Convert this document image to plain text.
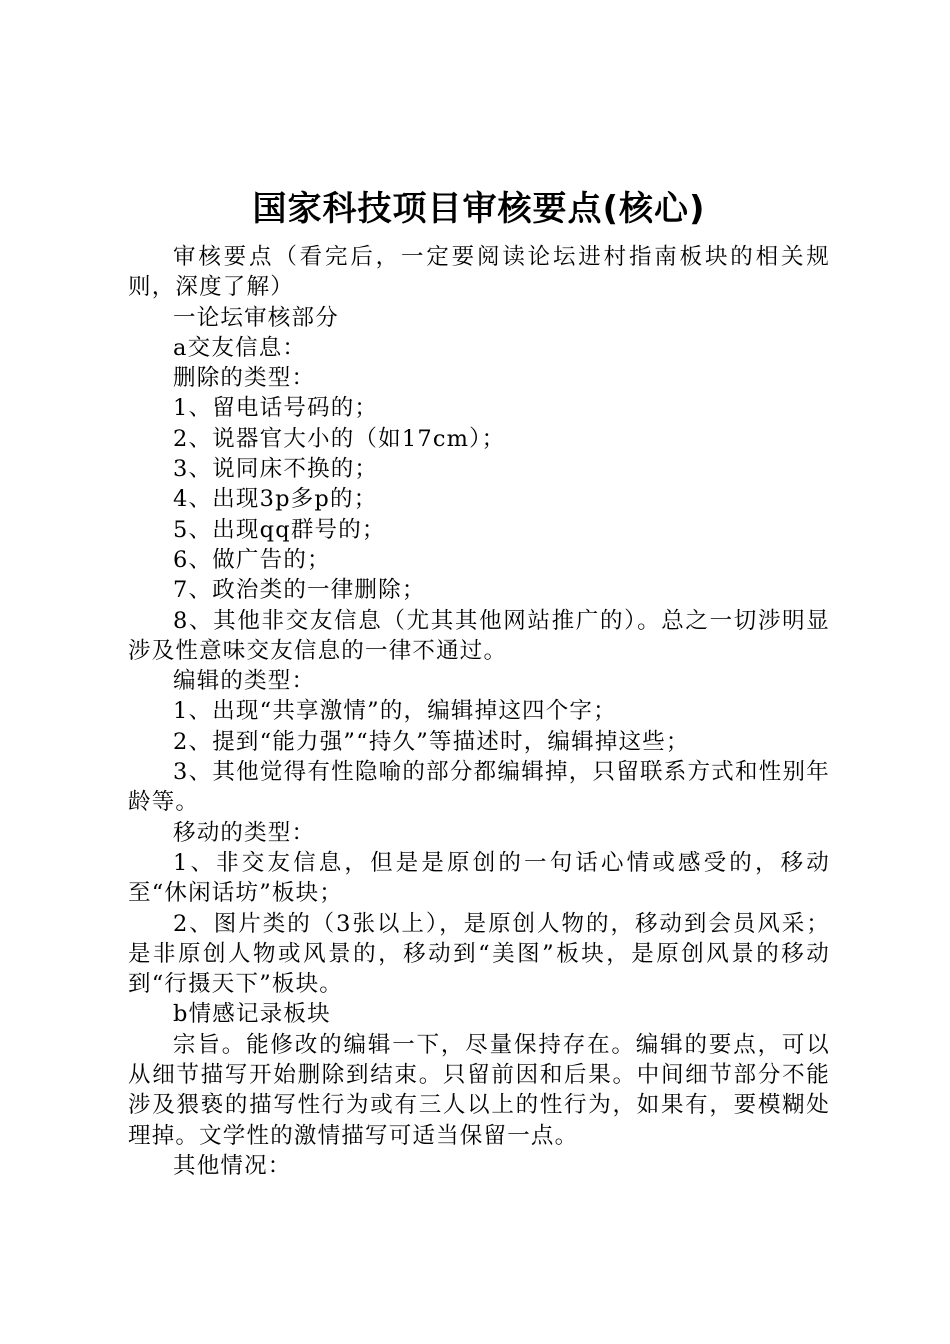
国家科技项目审核要点(核心)

审核要点（看完后，一定要阅读论坛进村指南板块的相关规则，深度了解）

一论坛审核部分

a交友信息：

删除的类型：

1、留电话号码的；

2、说器官大小的（如17cm）；

3、说同床不换的；

4、出现3p多p的；

5、出现qq群号的；

6、做广告的；

7、政治类的一律删除；

8、其他非交友信息（尤其其他网站推广的）。总之一切涉明显涉及性意味交友信息的一律不通过。

编辑的类型：

1、出现“共享激情”的，编辑掉这四个字；

2、提到“能力强”“持久”等描述时，编辑掉这些；

3、其他觉得有性隐喻的部分都编辑掉，只留联系方式和性别年龄等。

移动的类型：

1、非交友信息，但是是原创的一句话心情或感受的，移动至“休闲话坊”板块；

2、图片类的（3张以上），是原创人物的，移动到会员风采；是非原创人物或风景的，移动到“美图”板块，是原创风景的移动到“行摄天下”板块。

b情感记录板块

宗旨。能修改的编辑一下，尽量保持存在。编辑的要点，可以从细节描写开始删除到结束。只留前因和后果。中间细节部分不能涉及猥亵的描写性行为或有三人以上的性行为，如果有，要模糊处理掉。文学性的激情描写可适当保留一点。

其他情况：
